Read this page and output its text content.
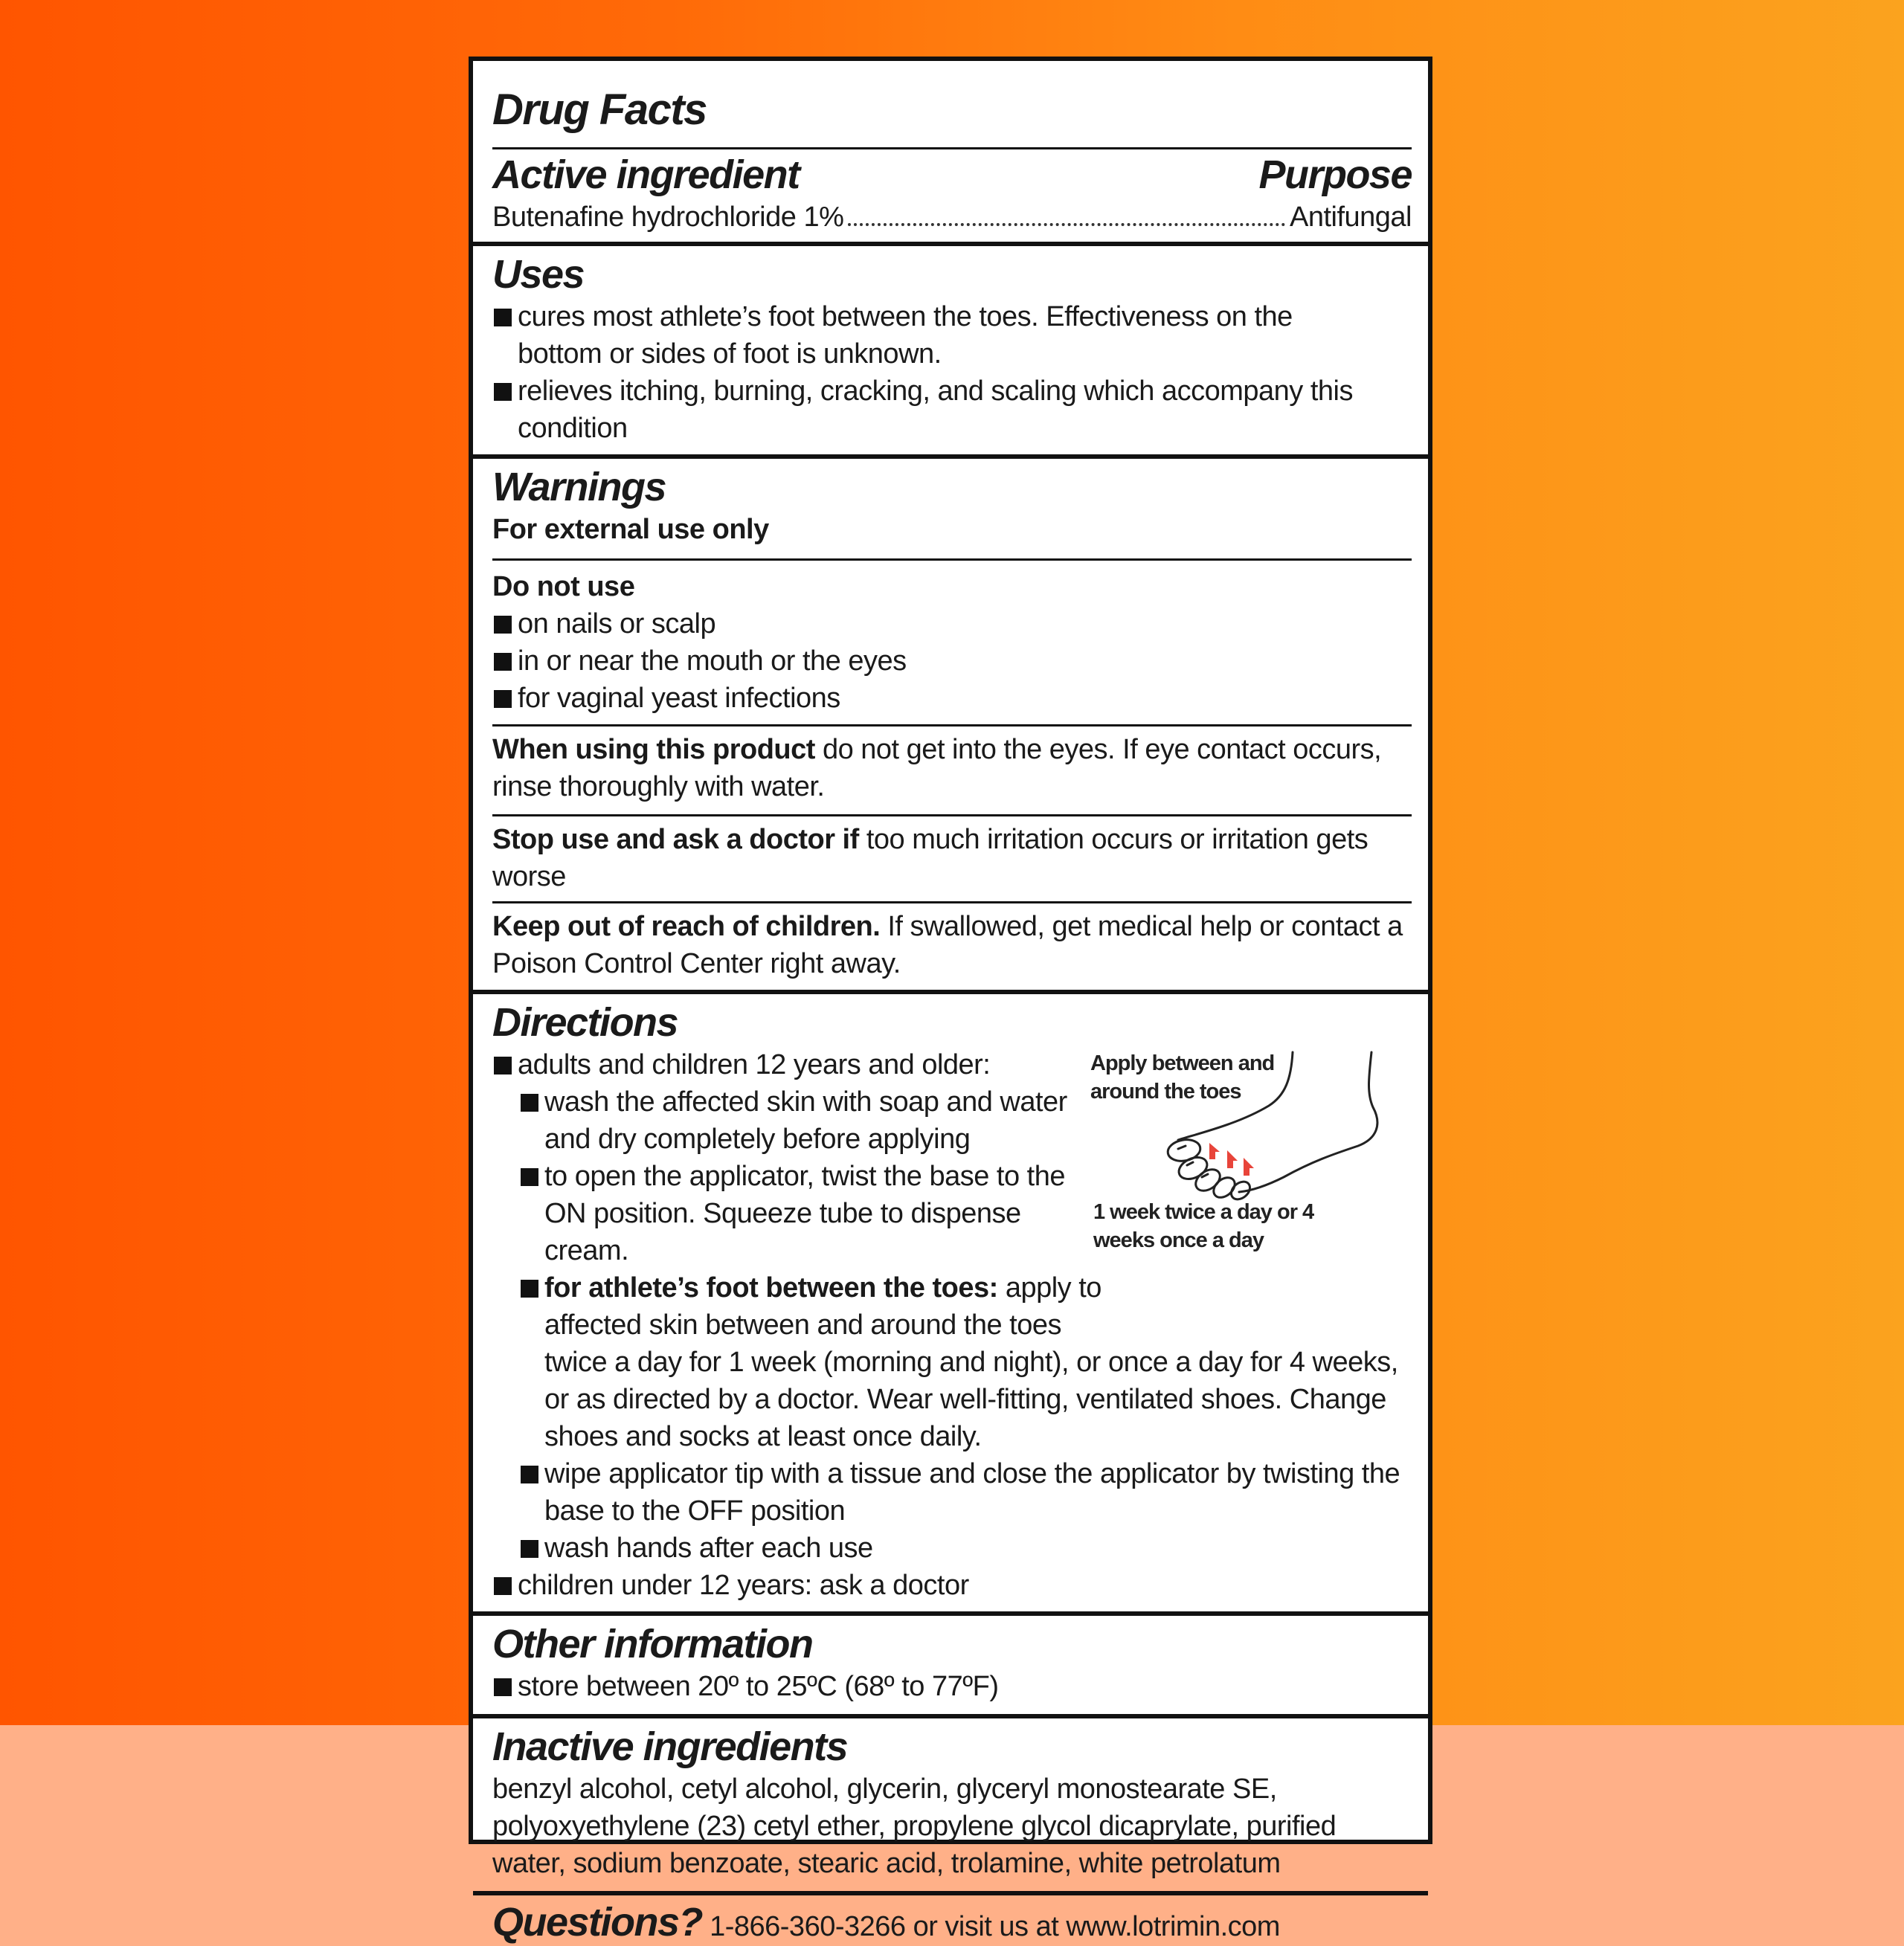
Drug Facts
Active ingredient	Purpose
Butenafine hydrochloride 1%	Antifungal
Uses
cures most athlete’s foot between the toes. Effectiveness on the bottom or sides of foot is unknown.
relieves itching, burning, cracking, and scaling which accompany this condition
Warnings
For external use only
Do not use
on nails or scalp
in or near the mouth or the eyes
for vaginal yeast infections
When using this product do not get into the eyes. If eye contact occurs, rinse thoroughly with water.
Stop use and ask a doctor if too much irritation occurs or irritation gets worse
Keep out of reach of children. If swallowed, get medical help or contact a Poison Control Center right away.
Directions
adults and children 12 years and older:
wash the affected skin with soap and water and dry completely before applying
to open the applicator, twist the base to the ON position. Squeeze tube to dispense cream.
for athlete’s foot between the toes: apply to affected skin between and around the toes
twice a day for 1 week (morning and night), or once a day for 4 weeks, or as directed by a doctor. Wear well-fitting, ventilated shoes. Change shoes and socks at least once daily.
wipe applicator tip with a tissue and close the applicator by twisting the base to the OFF position
wash hands after each use
children under 12 years: ask a doctor
Apply between and around the toes
1 week twice a day or 4 weeks once a day
Other information
store between 20º to 25ºC (68º to 77ºF)
Inactive ingredients
benzyl alcohol, cetyl alcohol, glycerin, glyceryl monostearate SE, polyoxyethylene (23) cetyl ether, propylene glycol dicaprylate, purified water, sodium benzoate, stearic acid, trolamine, white petrolatum
Questions? 1-866-360-3266 or visit us at www.lotrimin.com
